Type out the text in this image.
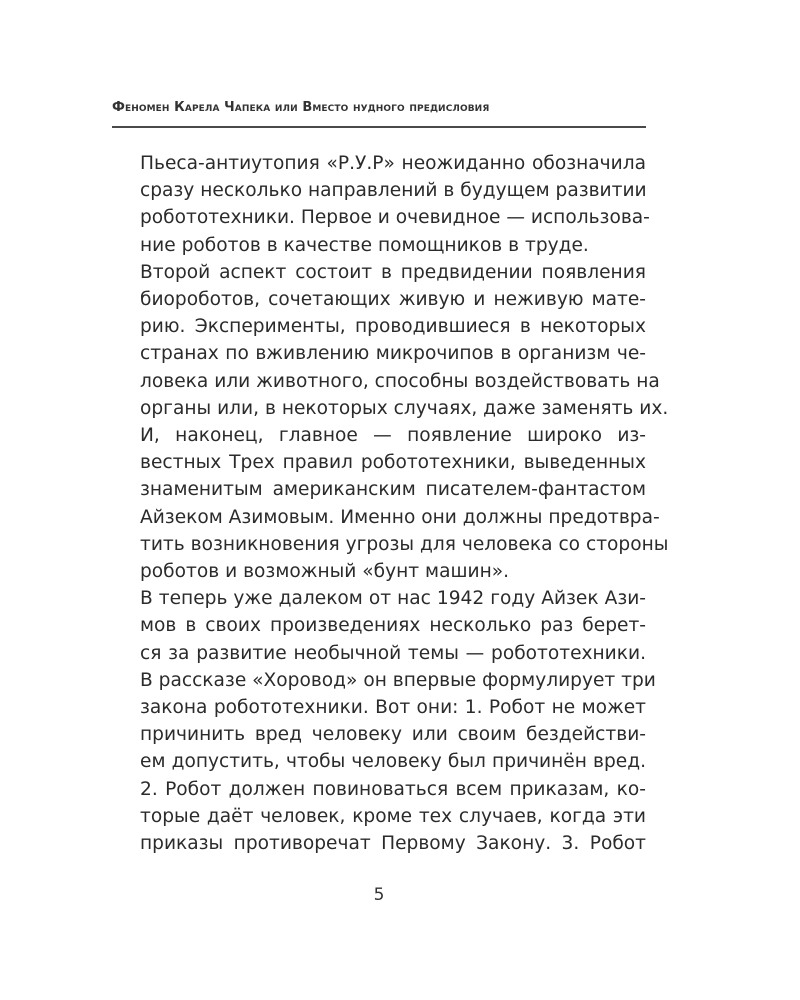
Феномен Карела Чапека или Вместо нудного предисловия

Пьеса-антиутопия «Р.У.Р» неожиданно обозначила
сразу несколько направлений в будущем развитии
робототехники. Первое и очевидное — использова-
ние роботов в качестве помощников в труде.

Второй аспект состоит в предвидении появления
биороботов, сочетающих живую и неживую мате-
рию. Эксперименты, проводившиеся в некоторых
странах по вживлению микрочипов в организм че-
ловека или животного, способны воздействовать на
органы или, в некоторых случаях, даже заменять их.

И, наконец, главное — появление широко из-
вестных Трех правил робототехники, выведенных
знаменитым американским писателем-фантастом
Айзеком Азимовым. Именно они должны предотвра-
тить возникновения угрозы для человека со стороны
роботов и возможный «бунт машин».

В теперь уже далеком от нас 1942 году Айзек Ази-
мов в своих произведениях несколько раз берет-
ся за развитие необычной темы — робототехники.
В рассказе «Хоровод» он впервые формулирует три
закона робототехники. Вот они: 1. Робот не может
причинить вред человеку или своим бездействи-
ем допустить, чтобы человеку был причинён вред.
2. Робот должен повиноваться всем приказам, ко-
торые даёт человек, кроме тех случаев, когда эти
приказы противоречат Первому Закону. 3. Робот

5
